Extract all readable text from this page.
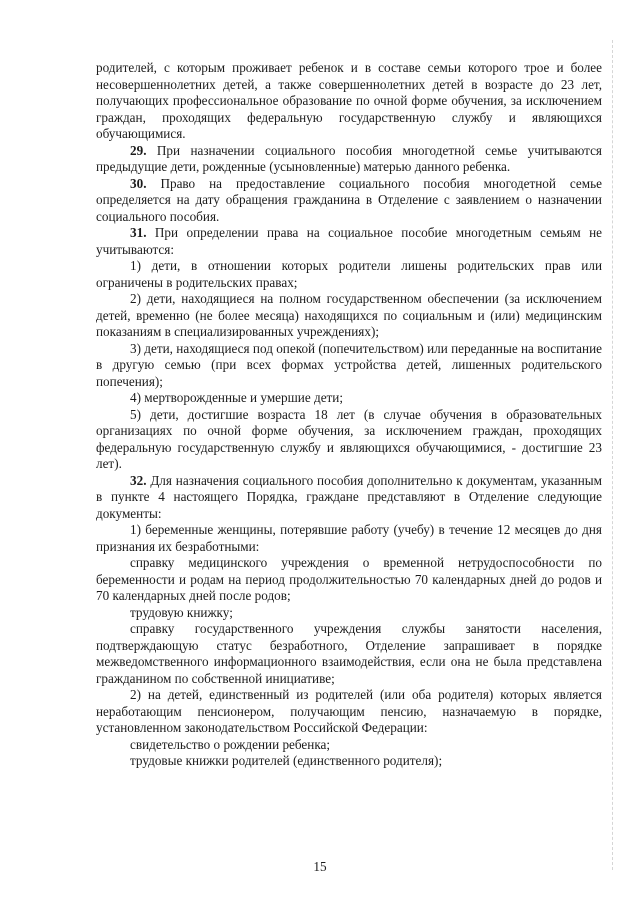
родителей, с которым проживает ребенок и в составе семьи которого трое и более несовершеннолетних детей, а также совершеннолетних детей в возрасте до 23 лет, получающих профессиональное образование по очной форме обучения, за исключением граждан, проходящих федеральную государственную службу и являющихся обучающимися.

29. При назначении социального пособия многодетной семье учитываются предыдущие дети, рожденные (усыновленные) матерью данного ребенка.

30. Право на предоставление социального пособия многодетной семье определяется на дату обращения гражданина в Отделение с заявлением о назначении социального пособия.

31. При определении права на социальное пособие многодетным семьям не учитываются:

1) дети, в отношении которых родители лишены родительских прав или ограничены в родительских правах;

2) дети, находящиеся на полном государственном обеспечении (за исключением детей, временно (не более месяца) находящихся по социальным и (или) медицинским показаниям в специализированных учреждениях);

3) дети, находящиеся под опекой (попечительством) или переданные на воспитание в другую семью (при всех формах устройства детей, лишенных родительского попечения);

4) мертворожденные и умершие дети;

5) дети, достигшие возраста 18 лет (в случае обучения в образовательных организациях по очной форме обучения, за исключением граждан, проходящих федеральную государственную службу и являющихся обучающимися, - достигшие 23 лет).

32. Для назначения социального пособия дополнительно к документам, указанным в пункте 4 настоящего Порядка, граждане представляют в Отделение следующие документы:

1) беременные женщины, потерявшие работу (учебу) в течение 12 месяцев до дня признания их безработными:

справку медицинского учреждения о временной нетрудоспособности по беременности и родам на период продолжительностью 70 календарных дней до родов и 70 календарных дней после родов;

трудовую книжку;

справку государственного учреждения службы занятости населения, подтверждающую статус безработного, Отделение запрашивает в порядке межведомственного информационного взаимодействия, если она не была представлена гражданином по собственной инициативе;

2) на детей, единственный из родителей (или оба родителя) которых является неработающим пенсионером, получающим пенсию, назначаемую в порядке, установленном законодательством Российской Федерации:

свидетельство о рождении ребенка;

трудовые книжки родителей (единственного родителя);

15
